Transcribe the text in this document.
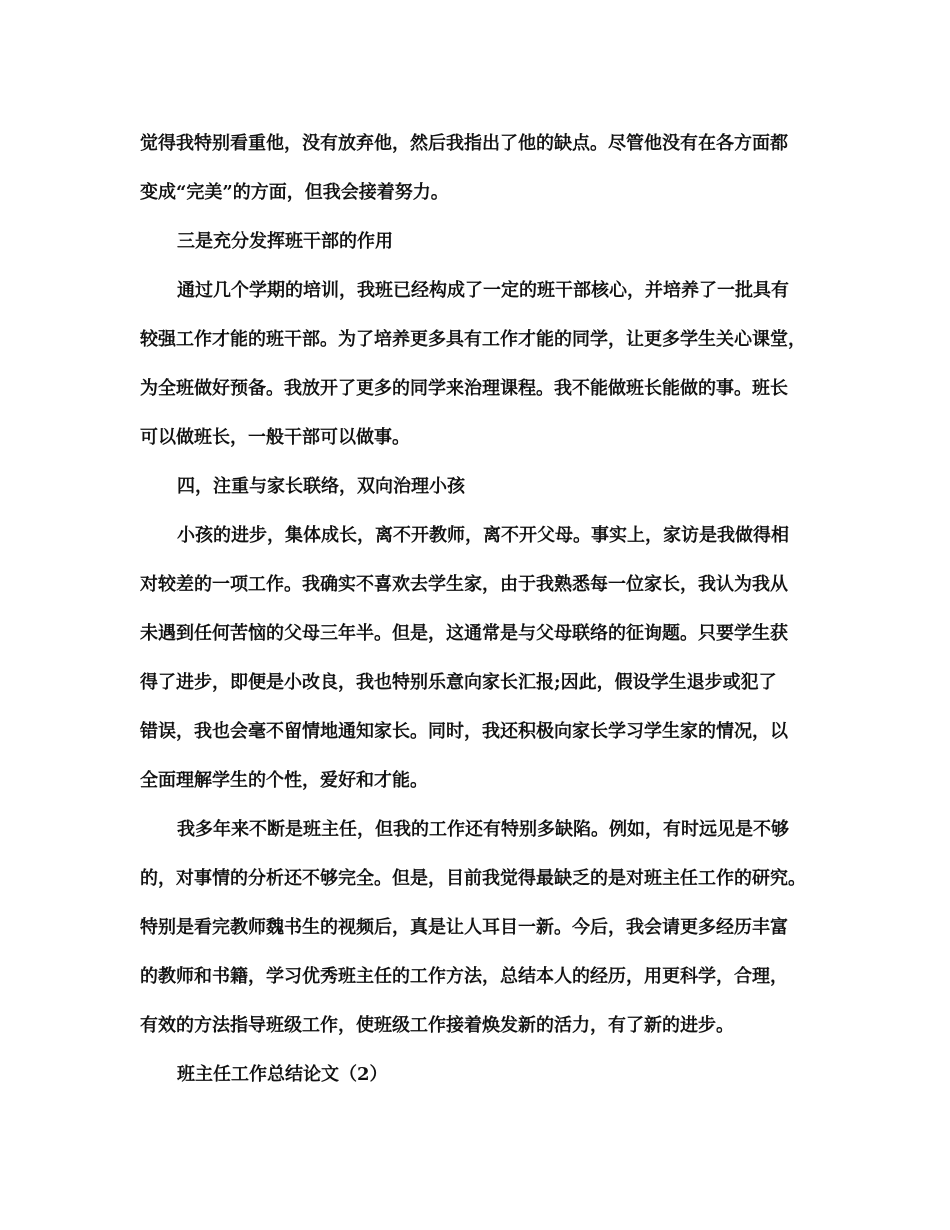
觉得我特别看重他，没有放弃他，然后我指出了他的缺点。尽管他没有在各方面都
变成“完美”的方面，但我会接着努力。
三是充分发挥班干部的作用
通过几个学期的培训，我班已经构成了一定的班干部核心，并培养了一批具有
较强工作才能的班干部。为了培养更多具有工作才能的同学，让更多学生关心课堂，
为全班做好预备。我放开了更多的同学来治理课程。我不能做班长能做的事。班长
可以做班长，一般干部可以做事。
四，注重与家长联络，双向治理小孩
小孩的进步，集体成长，离不开教师，离不开父母。事实上，家访是我做得相
对较差的一项工作。我确实不喜欢去学生家，由于我熟悉每一位家长，我认为我从
未遇到任何苦恼的父母三年半。但是，这通常是与父母联络的征询题。只要学生获
得了进步，即便是小改良，我也特别乐意向家长汇报;因此，假设学生退步或犯了
错误，我也会毫不留情地通知家长。同时，我还积极向家长学习学生家的情况，以
全面理解学生的个性，爱好和才能。
我多年来不断是班主任，但我的工作还有特别多缺陷。例如，有时远见是不够
的，对事情的分析还不够完全。但是，目前我觉得最缺乏的是对班主任工作的研究。
特别是看完教师魏书生的视频后，真是让人耳目一新。今后，我会请更多经历丰富
的教师和书籍，学习优秀班主任的工作方法，总结本人的经历，用更科学，合理，
有效的方法指导班级工作，使班级工作接着焕发新的活力，有了新的进步。
班主任工作总结论文（2）
